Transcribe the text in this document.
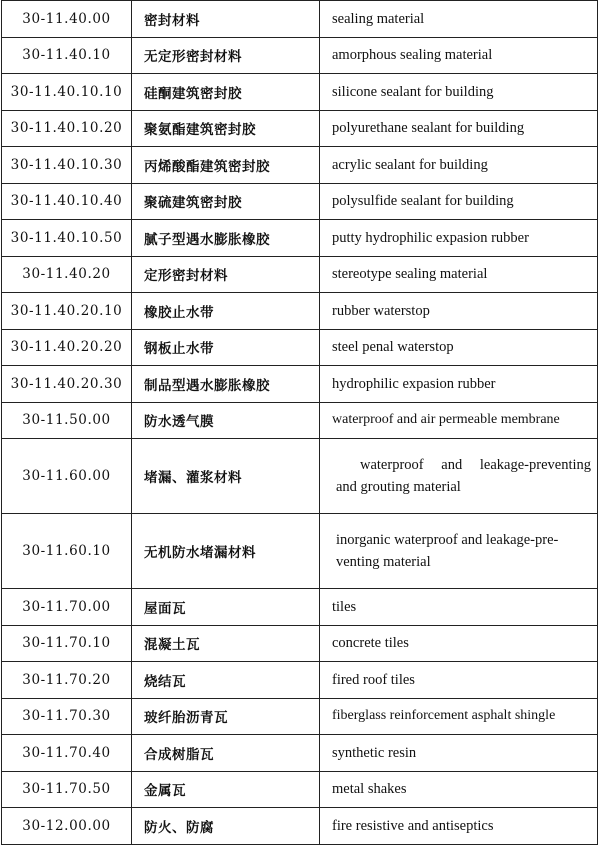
30-11.40.00	密封材料	sealing material
30-11.40.10	无定形密封材料	amorphous sealing material
30-11.40.10.10	硅酮建筑密封胶	silicone sealant for building
30-11.40.10.20	聚氨酯建筑密封胶	polyurethane sealant for building
30-11.40.10.30	丙烯酸酯建筑密封胶	acrylic sealant for building
30-11.40.10.40	聚硫建筑密封胶	polysulfide sealant for building
30-11.40.10.50	腻子型遇水膨胀橡胶	putty hydrophilic expasion rubber
30-11.40.20	定形密封材料	stereotype sealing material
30-11.40.20.10	橡胶止水带	rubber waterstop
30-11.40.20.20	钢板止水带	steel penal waterstop
30-11.40.20.30	制品型遇水膨胀橡胶	hydrophilic expasion rubber
30-11.50.00	防水透气膜	waterproof and air permeable membrane
30-11.60.00	堵漏、灌浆材料	waterproof and leakage-preventing
and grouting material

30-11.60.10	无机防水堵漏材料	inorganic waterproof and leakage-pre-
venting material

30-11.70.00	屋面瓦	tiles
30-11.70.10	混凝土瓦	concrete tiles
30-11.70.20	烧结瓦	fired roof tiles
30-11.70.30	玻纤胎沥青瓦	fiberglass reinforcement asphalt shingle
30-11.70.40	合成树脂瓦	synthetic resin
30-11.70.50	金属瓦	metal shakes
30-12.00.00	防火、防腐	fire resistive and antiseptics
